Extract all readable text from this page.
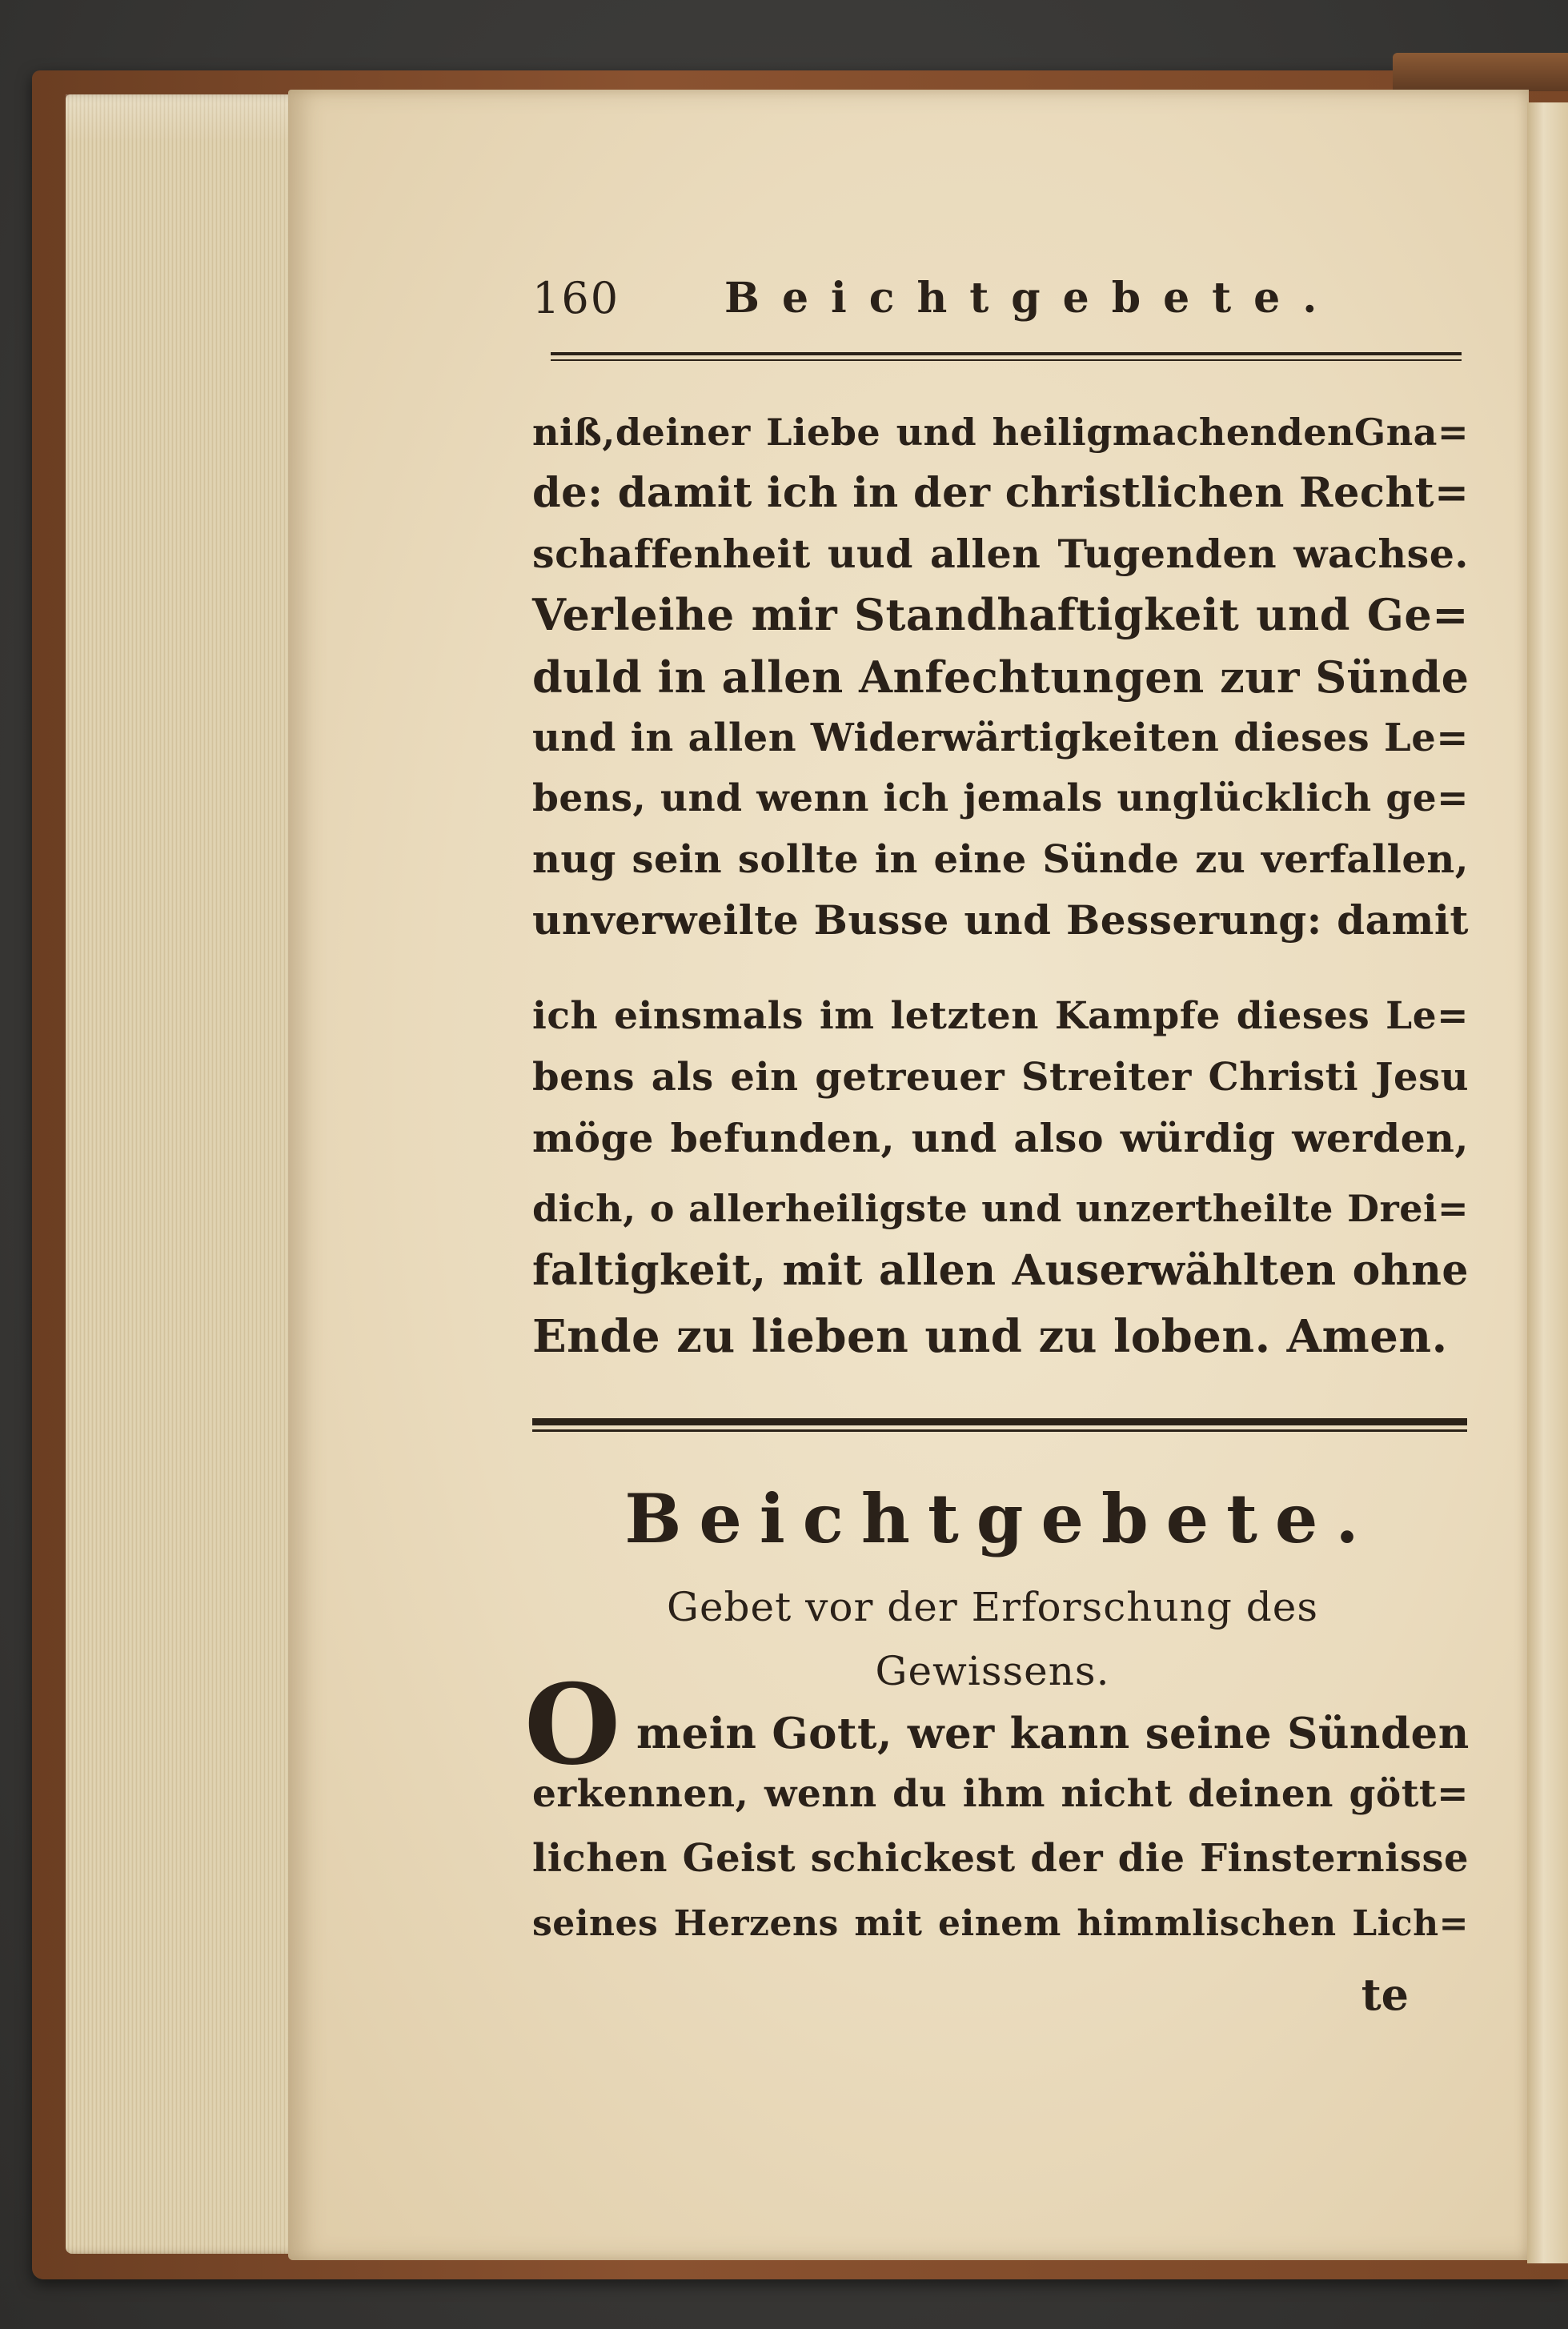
160	Beichtgebete.
niß,deiner Liebe und heiligmachendenGna=
de: damit ich in der christlichen Recht=
schaffenheit uud allen Tugenden wachse.
Verleihe mir Standhaftigkeit und Ge=
duld in allen Anfechtungen zur Sünde
und in allen Widerwärtigkeiten dieses Le=
bens, und wenn ich jemals unglücklich ge=
nug sein sollte in eine Sünde zu verfallen,
unverweilte Busse und Besserung: damit
ich einsmals im letzten Kampfe dieses Le=
bens als ein getreuer Streiter Christi Jesu
möge befunden, und also würdig werden,
dich, o allerheiligste und unzertheilte Drei=
faltigkeit, mit allen Auserwählten ohne
Ende zu lieben und zu loben. Amen.
Beichtgebete.
Gebet vor der Erforschung des Gewissens.
O mein Gott, wer kann seine Sünden
erkennen, wenn du ihm nicht deinen gött=
lichen Geist schickest der die Finsternisse
seines Herzens mit einem himmlischen Lich=
te
